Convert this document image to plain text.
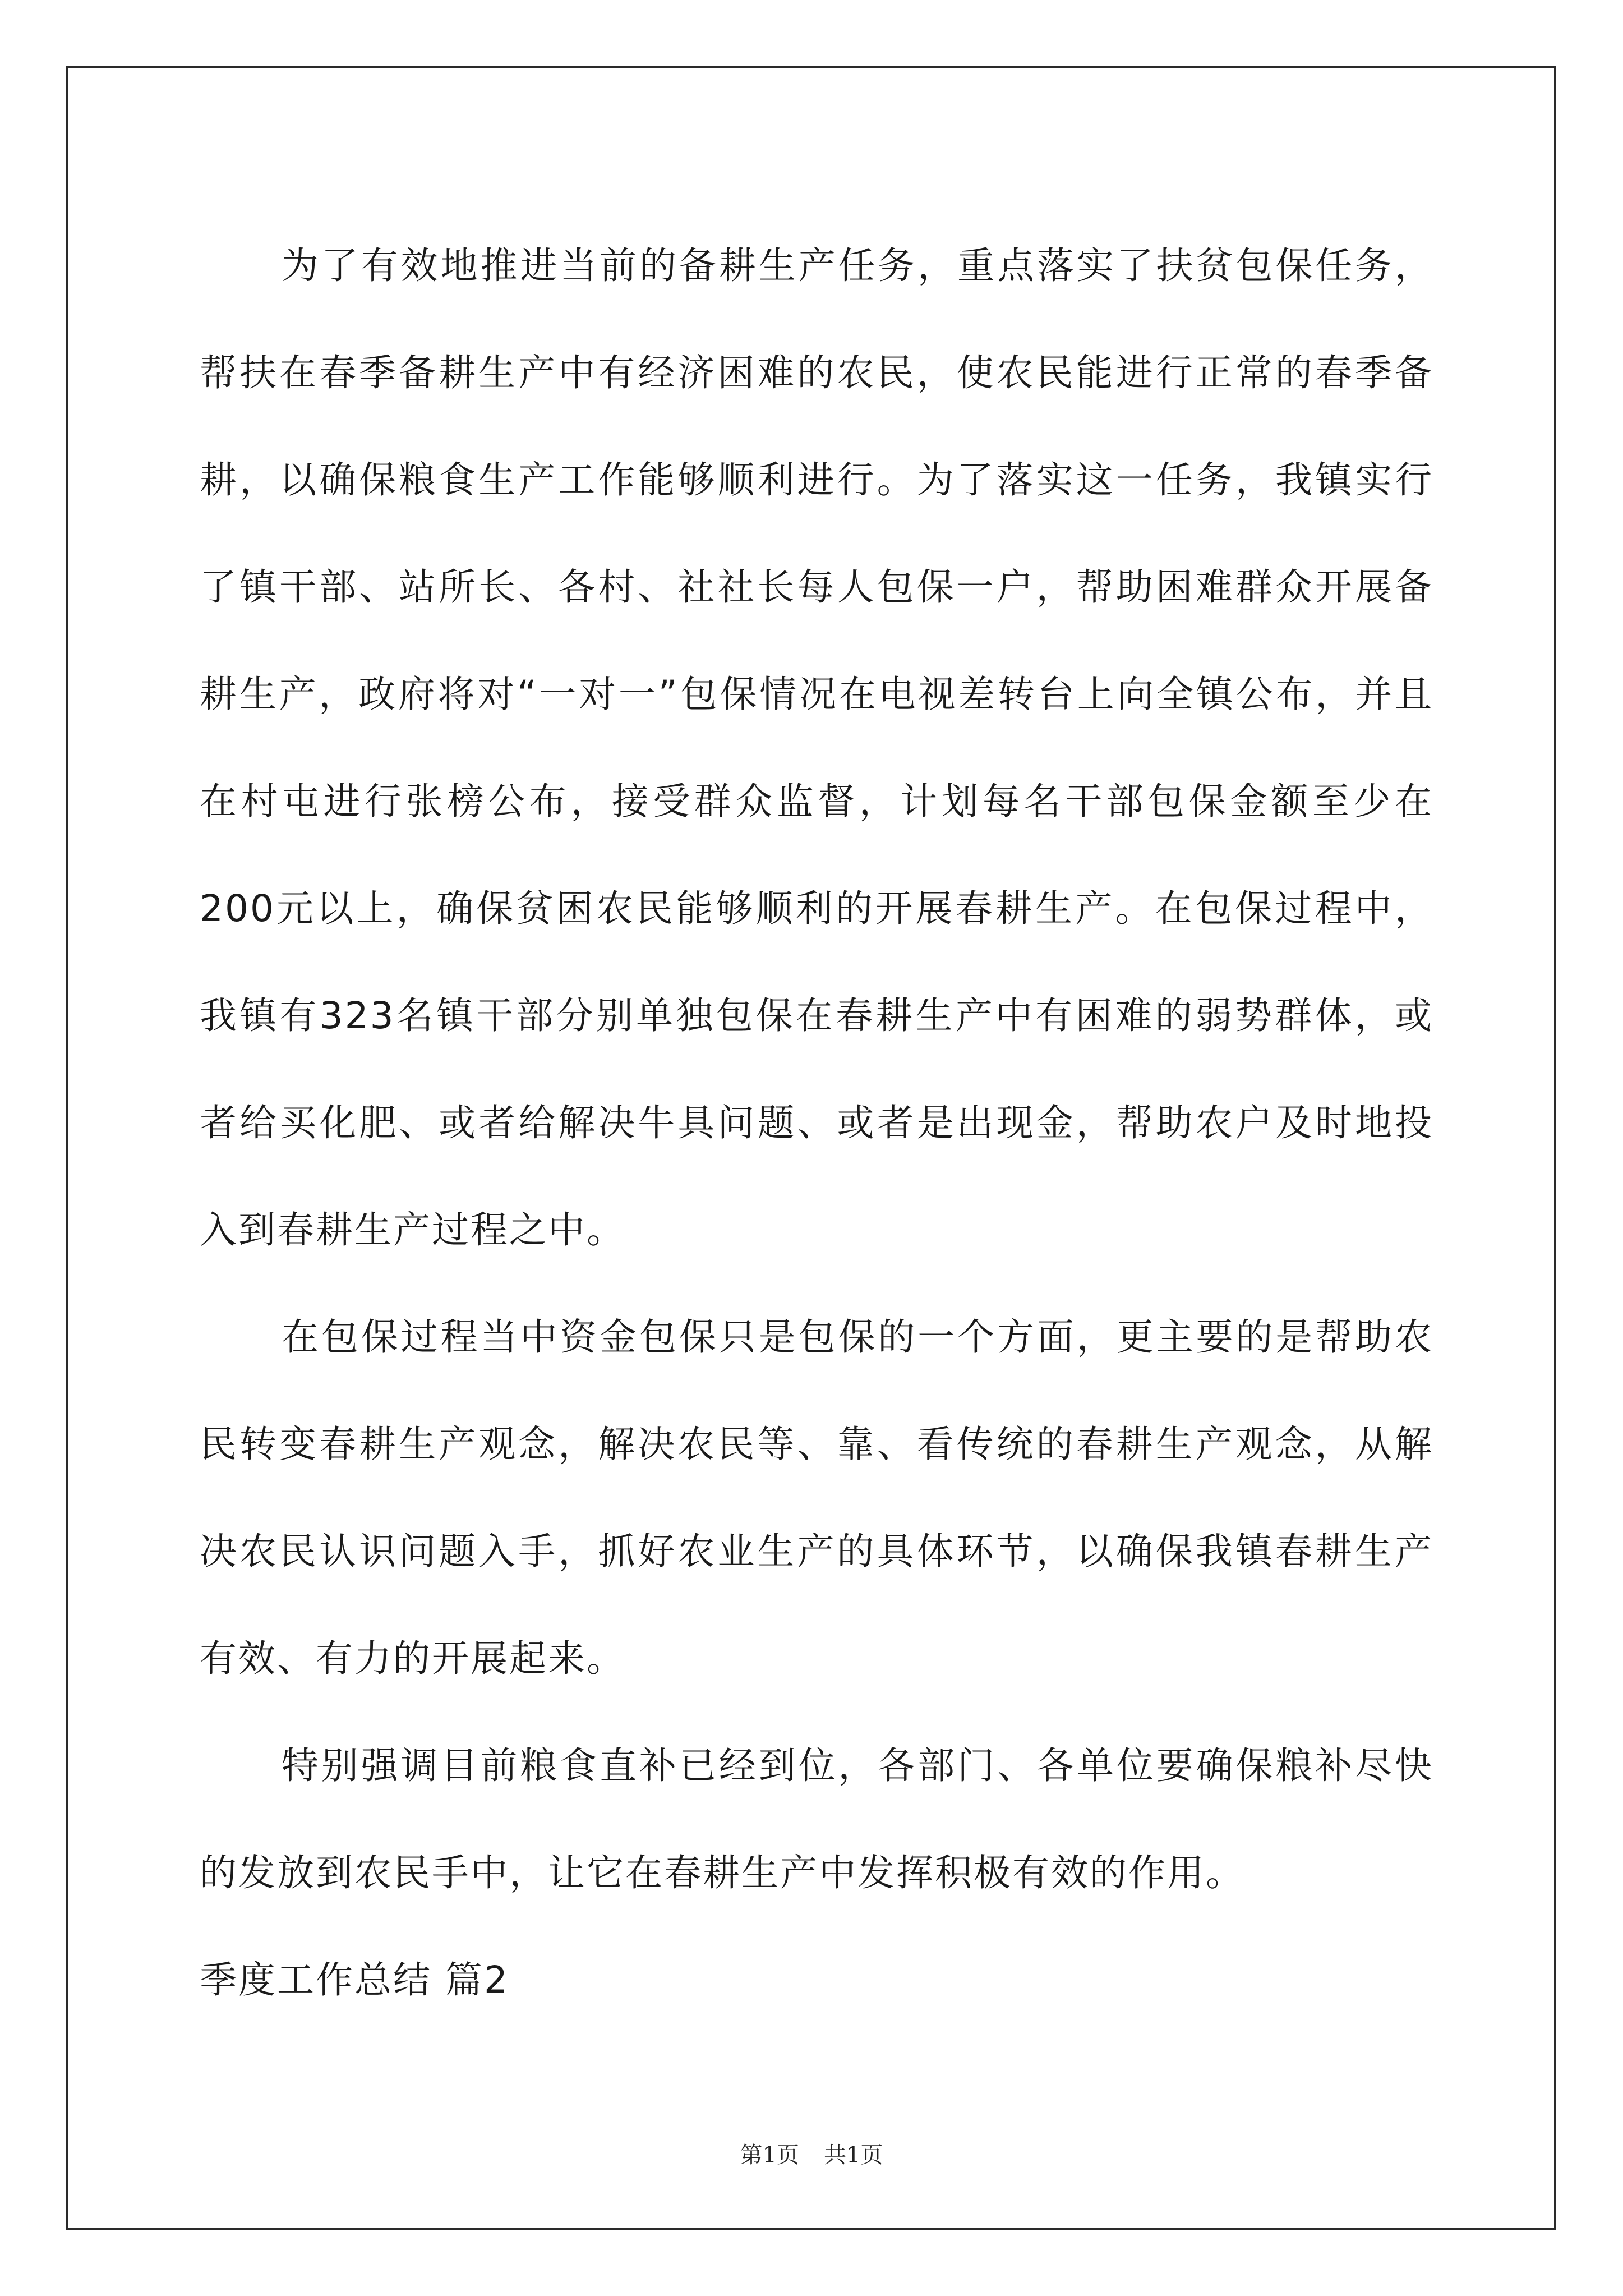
为了有效地推进当前的备耕生产任务，重点落实了扶贫包保任务，帮扶在春季备耕生产中有经济困难的农民，使农民能进行正常的春季备耕，以确保粮食生产工作能够顺利进行。为了落实这一任务，我镇实行了镇干部、站所长、各村、社社长每人包保一户，帮助困难群众开展备耕生产，政府将对“一对一”包保情况在电视差转台上向全镇公布，并且在村屯进行张榜公布，接受群众监督，计划每名干部包保金额至少在200元以上，确保贫困农民能够顺利的开展春耕生产。在包保过程中，我镇有323名镇干部分别单独包保在春耕生产中有困难的弱势群体，或者给买化肥、或者给解决牛具问题、或者是出现金，帮助农户及时地投入到春耕生产过程之中。

在包保过程当中资金包保只是包保的一个方面，更主要的是帮助农民转变春耕生产观念，解决农民等、靠、看传统的春耕生产观念，从解决农民认识问题入手，抓好农业生产的具体环节，以确保我镇春耕生产有效、有力的开展起来。

特别强调目前粮食直补已经到位，各部门、各单位要确保粮补尽快的发放到农民手中，让它在春耕生产中发挥积极有效的作用。

季度工作总结 篇2

第1页 共1页
